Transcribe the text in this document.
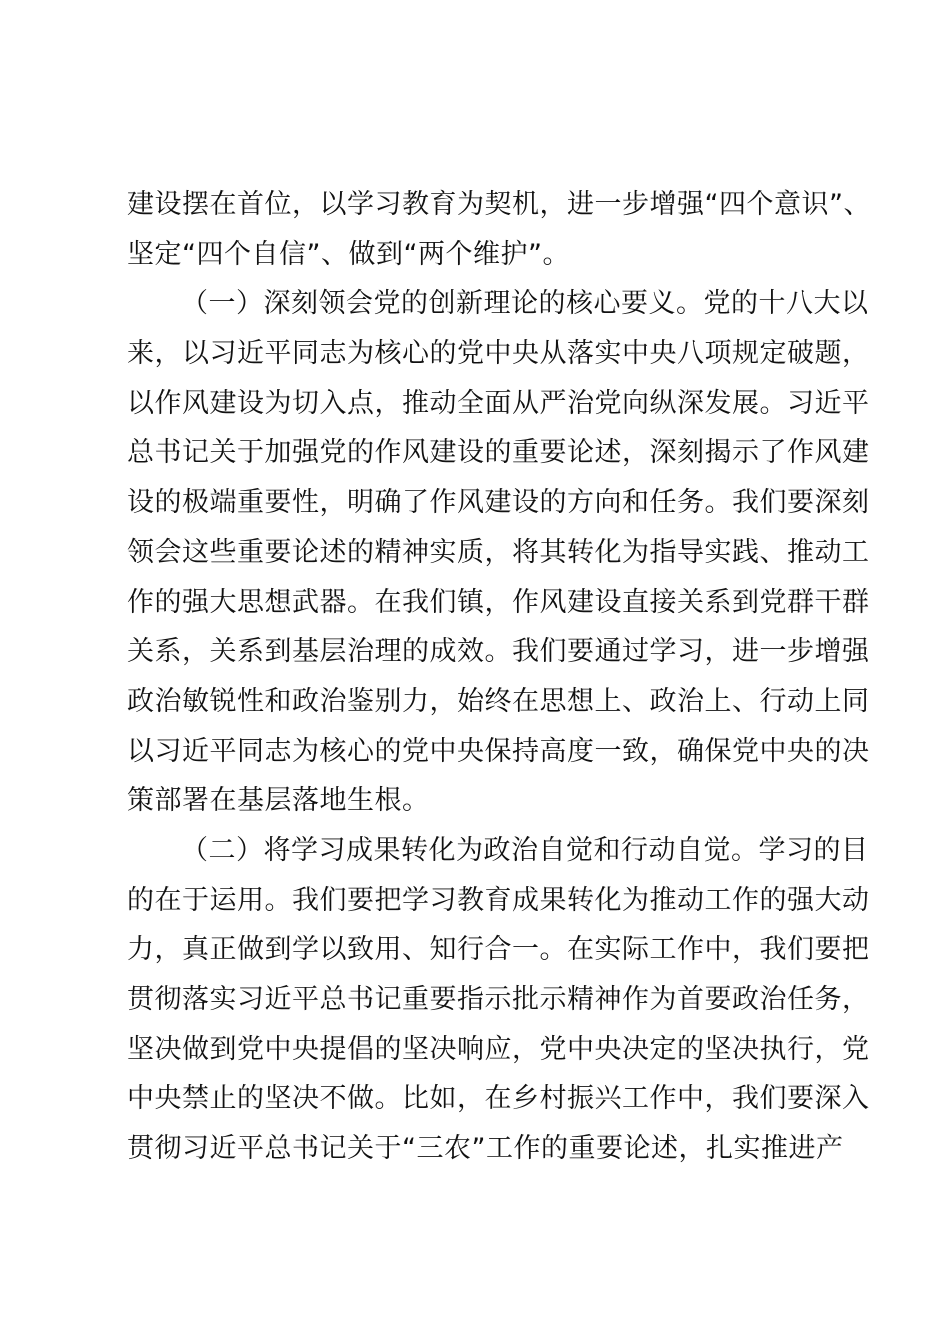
建设摆在首位，以学习教育为契机，进一步增强“四个意识”、
坚定“四个自信”、做到“两个维护”。
（一）深刻领会党的创新理论的核心要义。党的十八大以
来，以习近平同志为核心的党中央从落实中央八项规定破题，
以作风建设为切入点，推动全面从严治党向纵深发展。习近平
总书记关于加强党的作风建设的重要论述，深刻揭示了作风建
设的极端重要性，明确了作风建设的方向和任务。我们要深刻
领会这些重要论述的精神实质，将其转化为指导实践、推动工
作的强大思想武器。在我们镇，作风建设直接关系到党群干群
关系，关系到基层治理的成效。我们要通过学习，进一步增强
政治敏锐性和政治鉴别力，始终在思想上、政治上、行动上同
以习近平同志为核心的党中央保持高度一致，确保党中央的决
策部署在基层落地生根。
（二）将学习成果转化为政治自觉和行动自觉。学习的目
的在于运用。我们要把学习教育成果转化为推动工作的强大动
力，真正做到学以致用、知行合一。在实际工作中，我们要把
贯彻落实习近平总书记重要指示批示精神作为首要政治任务，
坚决做到党中央提倡的坚决响应，党中央决定的坚决执行，党
中央禁止的坚决不做。比如，在乡村振兴工作中，我们要深入
贯彻习近平总书记关于“三农”工作的重要论述，扎实推进产
